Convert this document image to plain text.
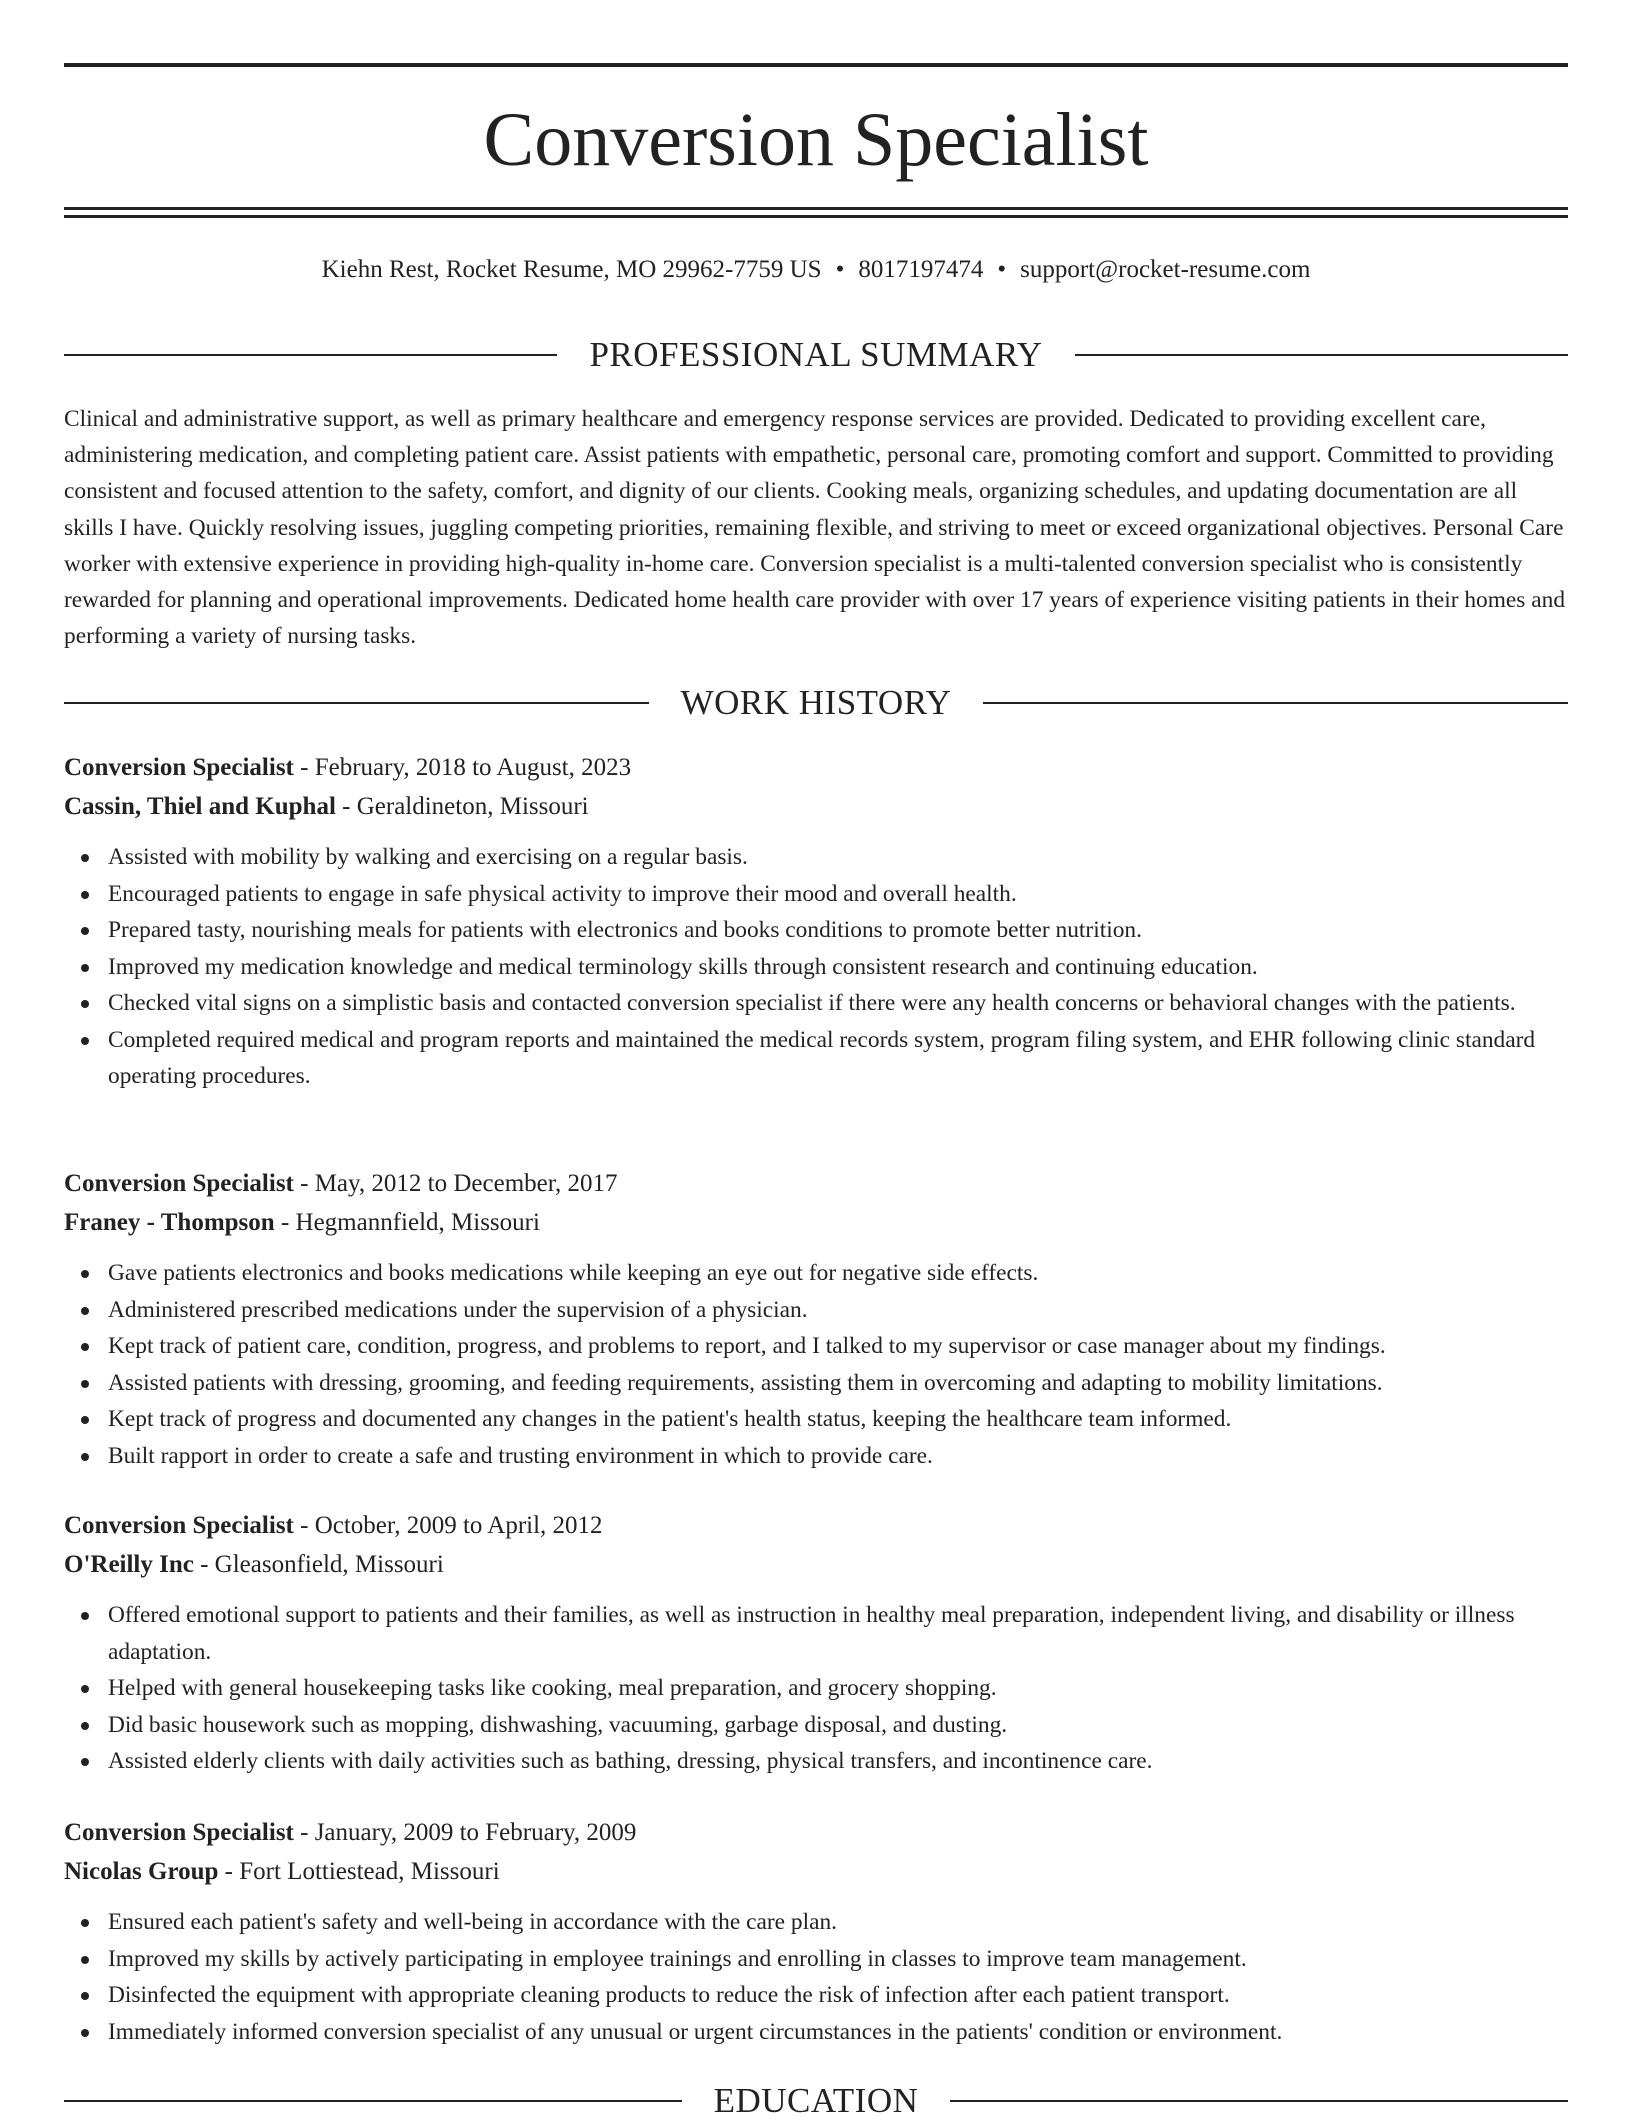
Conversion Specialist
Kiehn Rest, Rocket Resume, MO 29962-7759 US • 8017197474 • support@rocket-resume.com
PROFESSIONAL SUMMARY

Clinical and administrative support, as well as primary healthcare and emergency response services are provided. Dedicated to providing excellent care, administering medication, and completing patient care. Assist patients with empathetic, personal care, promoting comfort and support. Committed to providing consistent and focused attention to the safety, comfort, and dignity of our clients. Cooking meals, organizing schedules, and updating documentation are all skills I have. Quickly resolving issues, juggling competing priorities, remaining flexible, and striving to meet or exceed organizational objectives. Personal Care worker with extensive experience in providing high-quality in-home care. Conversion specialist is a multi-talented conversion specialist who is consistently rewarded for planning and operational improvements. Dedicated home health care provider with over 17 years of experience visiting patients in their homes and performing a variety of nursing tasks.

WORK HISTORY
Conversion Specialist - February, 2018 to August, 2023
Cassin, Thiel and Kuphal - Geraldineton, Missouri
Assisted with mobility by walking and exercising on a regular basis.
Encouraged patients to engage in safe physical activity to improve their mood and overall health.
Prepared tasty, nourishing meals for patients with electronics and books conditions to promote better nutrition.
Improved my medication knowledge and medical terminology skills through consistent research and continuing education.
Checked vital signs on a simplistic basis and contacted conversion specialist if there were any health concerns or behavioral changes with the patients.
Completed required medical and program reports and maintained the medical records system, program filing system, and EHR following clinic standard operating procedures.
Conversion Specialist - May, 2012 to December, 2017
Franey - Thompson - Hegmannfield, Missouri
Gave patients electronics and books medications while keeping an eye out for negative side effects.
Administered prescribed medications under the supervision of a physician.
Kept track of patient care, condition, progress, and problems to report, and I talked to my supervisor or case manager about my findings.
Assisted patients with dressing, grooming, and feeding requirements, assisting them in overcoming and adapting to mobility limitations.
Kept track of progress and documented any changes in the patient's health status, keeping the healthcare team informed.
Built rapport in order to create a safe and trusting environment in which to provide care.
Conversion Specialist - October, 2009 to April, 2012
O'Reilly Inc - Gleasonfield, Missouri
Offered emotional support to patients and their families, as well as instruction in healthy meal preparation, independent living, and disability or illness adaptation.
Helped with general housekeeping tasks like cooking, meal preparation, and grocery shopping.
Did basic housework such as mopping, dishwashing, vacuuming, garbage disposal, and dusting.
Assisted elderly clients with daily activities such as bathing, dressing, physical transfers, and incontinence care.
Conversion Specialist - January, 2009 to February, 2009
Nicolas Group - Fort Lottiestead, Missouri
Ensured each patient's safety and well-being in accordance with the care plan.
Improved my skills by actively participating in employee trainings and enrolling in classes to improve team management.
Disinfected the equipment with appropriate cleaning products to reduce the risk of infection after each patient transport.
Immediately informed conversion specialist of any unusual or urgent circumstances in the patients' condition or environment.
EDUCATION
